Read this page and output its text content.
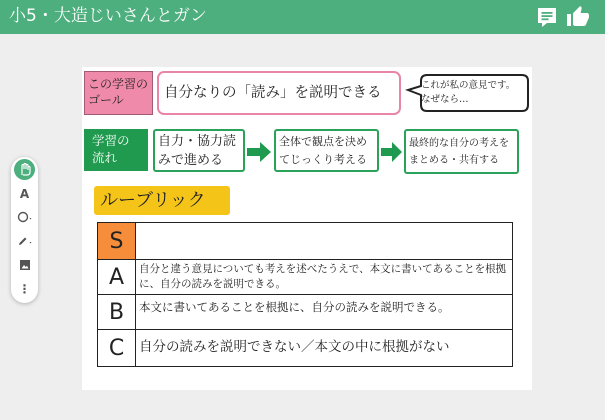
小5・大造じいさんとガン
A
⋮
この学習のゴール	自分なりの「読み」を説明できる	これが私の意見です。
なぜなら…
学習の流れ
自力・協力読みで進める
全体で観点を決めてじっくり考える
最終的な自分の考えをまとめる・共有する
ルーブリック
S	
A	自分と違う意見についても考えを述べたうえで、本文に書いてあることを根拠に、自分の読みを説明できる。
B	本文に書いてあることを根拠に、自分の読みを説明できる。
C	自分の読みを説明できない／本文の中に根拠がない
